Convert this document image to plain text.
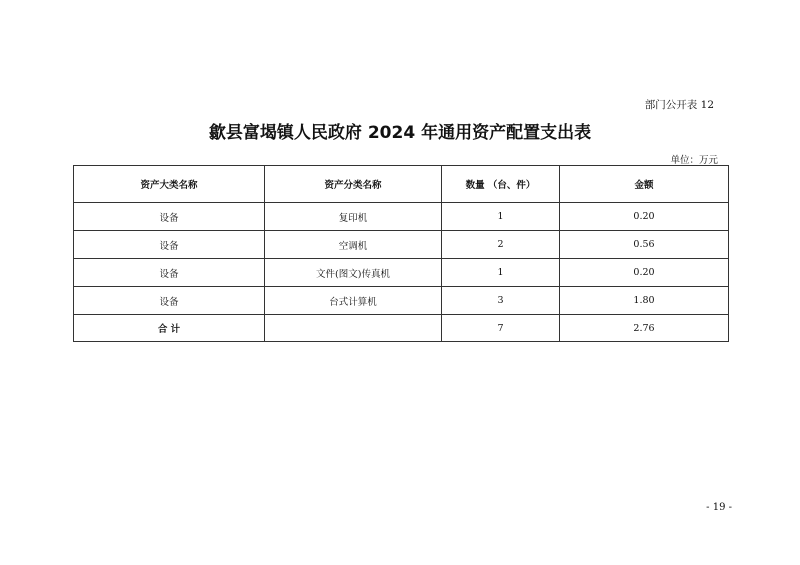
部门公开表 12
歙县富堨镇人民政府 2024 年通用资产配置支出表
单位：万元
资产大类名称	资产分类名称	数量 （台、件）	金额
设备	复印机	1	0.20
设备	空调机	2	0.56
设备	文件(图文)传真机	1	0.20
设备	台式计算机	3	1.80
合 计		7	2.76
- 19 -
